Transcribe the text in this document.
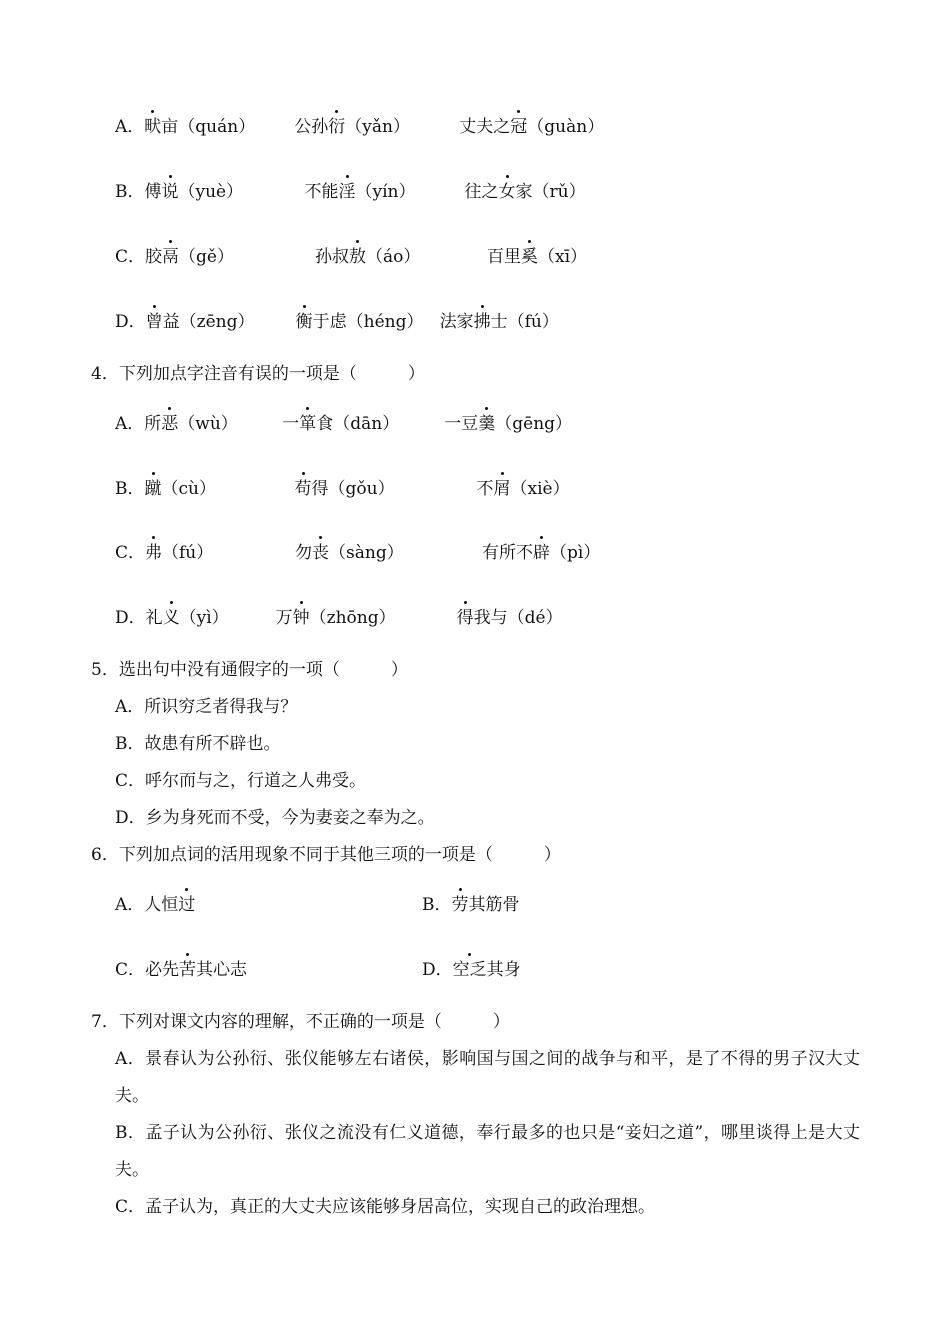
A．畎亩（quán） 公孙衍（yǎn）	丈夫之冠（guàn）
B．傅说（yuè）	不能淫（yín）	往之女家（rǔ）
C．胶鬲（gě）	孙叔敖（áo）	百里奚（xī）
D．曾益（zēng） 衡于虑（héng） 法家拂士（fú）
4．下列加点字注音有误的一项是（　　　）
A．所恶（wù）	一箪食（dān）	一豆羹（gēng）
B．蹴（cù）	苟得（gǒu）	不屑（xiè）
C．弗（fú）	勿丧（sàng）	有所不辟（pì）
D．礼义（yì）	万钟（zhōng）	得我与（dé）
5．选出句中没有通假字的一项（　　　）
A．所识穷乏者得我与？
B．故患有所不辟也。
C．呼尔而与之，行道之人弗受。
D．乡为身死而不受，今为妻妾之奉为之。
6．下列加点词的活用现象不同于其他三项的一项是（　　　）
A．人恒过	B．劳其筋骨
C．必先苦其心志	D．空乏其身
7．下列对课文内容的理解，不正确的一项是（　　　）
A．景春认为公孙衍、张仪能够左右诸侯，影响国与国之间的战争与和平，是了不得的男子汉大丈夫。
B．孟子认为公孙衍、张仪之流没有仁义道德，奉行最多的也只是“妾妇之道”，哪里谈得上是大丈夫。
C．孟子认为，真正的大丈夫应该能够身居高位，实现自己的政治理想。
